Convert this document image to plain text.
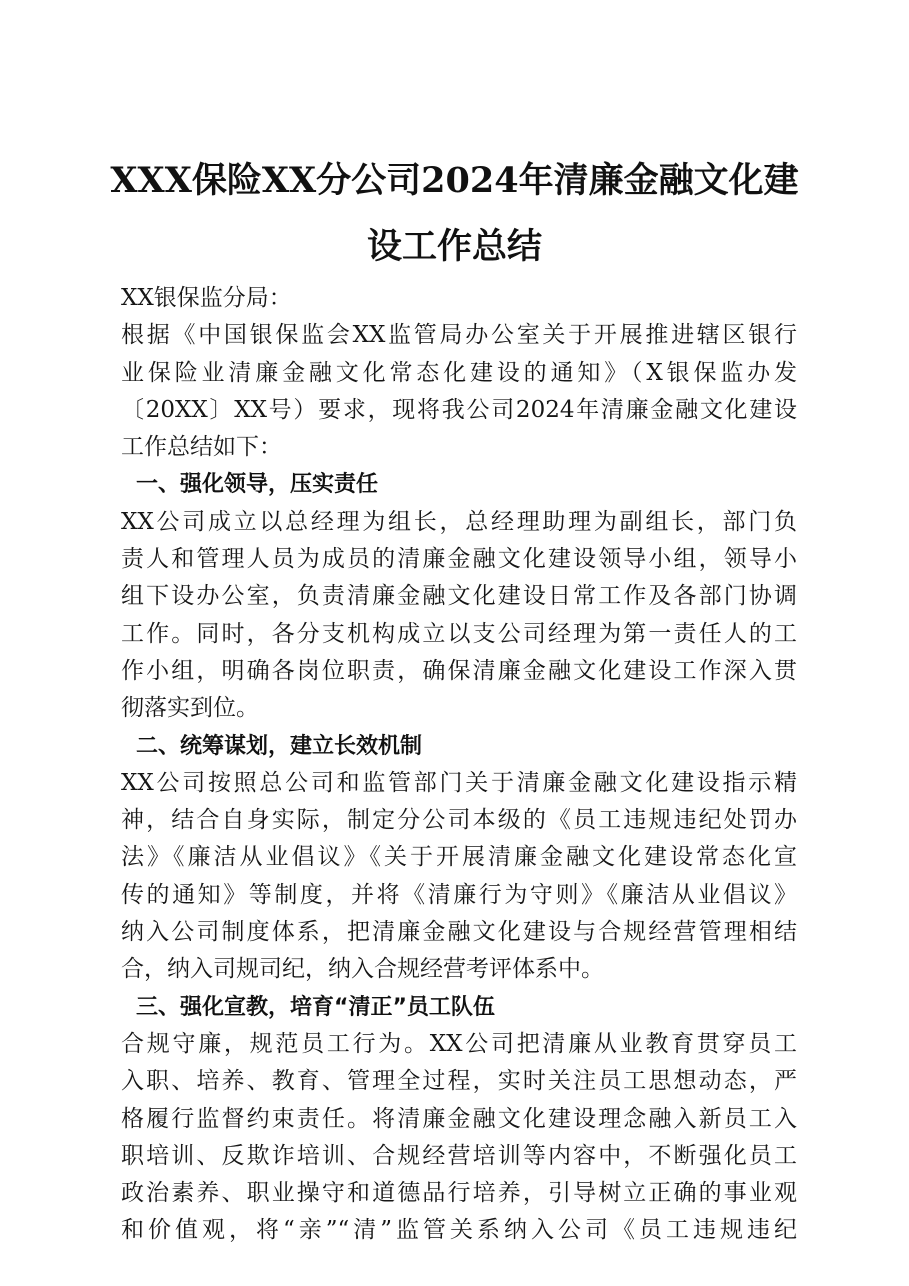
XXX保险XX分公司2024年清廉金融文化建
设工作总结
XX银保监分局：
根据《中国银保监会XX监管局办公室关于开展推进辖区银行
业保险业清廉金融文化常态化建设的通知》（X银保监办发
〔20XX〕XX号）要求，现将我公司2024年清廉金融文化建设
工作总结如下：
一、强化领导，压实责任
XX公司成立以总经理为组长，总经理助理为副组长，部门负
责人和管理人员为成员的清廉金融文化建设领导小组，领导小
组下设办公室，负责清廉金融文化建设日常工作及各部门协调
工作。同时，各分支机构成立以支公司经理为第一责任人的工
作小组，明确各岗位职责，确保清廉金融文化建设工作深入贯
彻落实到位。
二、统筹谋划，建立长效机制
XX公司按照总公司和监管部门关于清廉金融文化建设指示精
神，结合自身实际，制定分公司本级的《员工违规违纪处罚办
法》《廉洁从业倡议》《关于开展清廉金融文化建设常态化宣
传的通知》等制度，并将《清廉行为守则》《廉洁从业倡议》
纳入公司制度体系，把清廉金融文化建设与合规经营管理相结
合，纳入司规司纪，纳入合规经营考评体系中。
三、强化宣教，培育“清正”员工队伍
合规守廉，规范员工行为。XX公司把清廉从业教育贯穿员工
入职、培养、教育、管理全过程，实时关注员工思想动态，严
格履行监督约束责任。将清廉金融文化建设理念融入新员工入
职培训、反欺诈培训、合规经营培训等内容中，不断强化员工
政治素养、职业操守和道德品行培养，引导树立正确的事业观
和价值观，将“亲”“清”监管关系纳入公司《员工违规违纪
